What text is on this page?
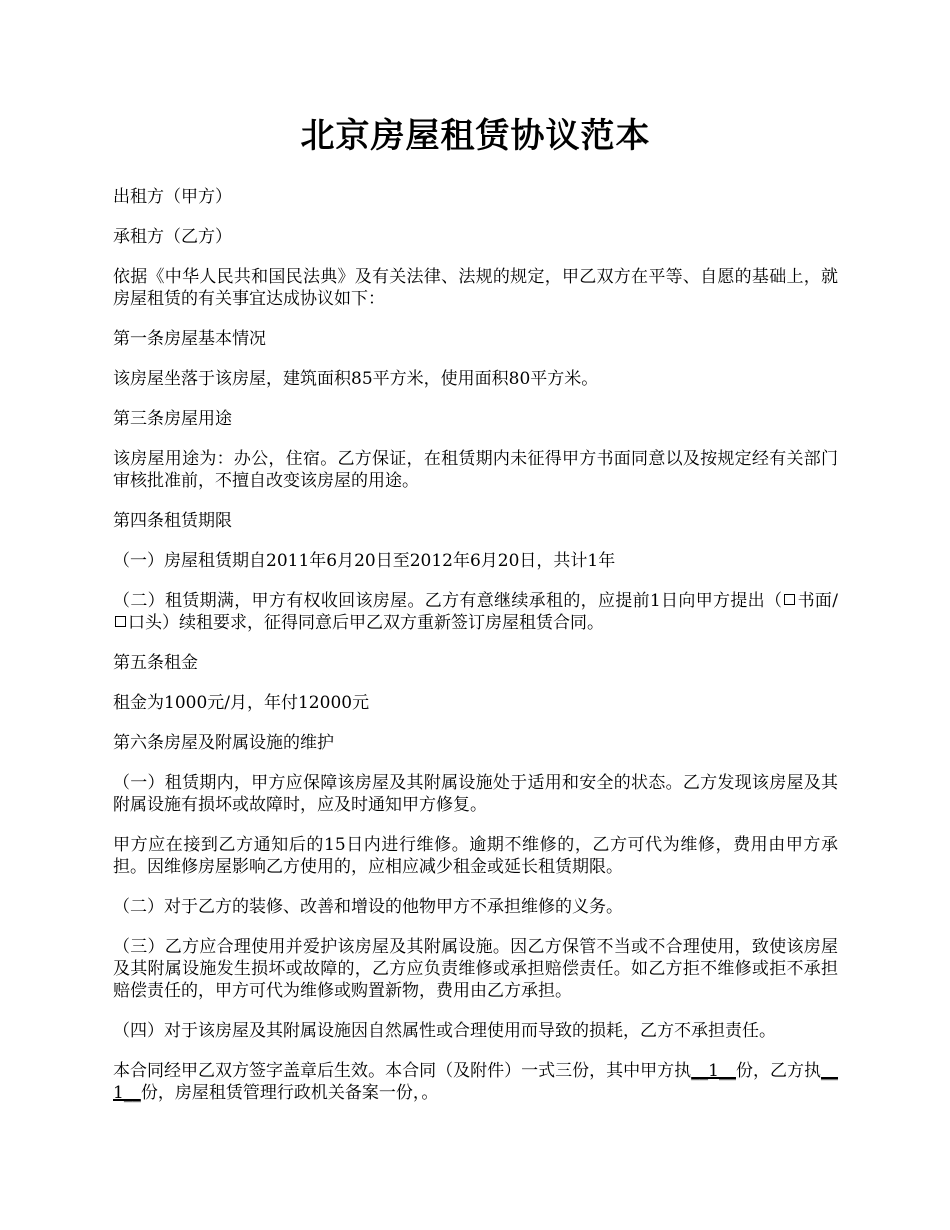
北京房屋租赁协议范本

出租方（甲方）

承租方（乙方）

依据《中华人民共和国民法典》及有关法律、法规的规定，甲乙双方在平等、自愿的基础上，就房屋租赁的有关事宜达成协议如下：

第一条房屋基本情况

该房屋坐落于该房屋，建筑面积85平方米，使用面积80平方米。

第三条房屋用途

该房屋用途为：办公，住宿。乙方保证，在租赁期内未征得甲方书面同意以及按规定经有关部门审核批准前，不擅自改变该房屋的用途。

第四条租赁期限

（一）房屋租赁期自2011年6月20日至2012年6月20日，共计1年

（二）租赁期满，甲方有权收回该房屋。乙方有意继续承租的，应提前1日向甲方提出（ 书面/口头）续租要求，征得同意后甲乙双方重新签订房屋租赁合同。

第五条租金

租金为1000元/月，年付12000元

第六条房屋及附属设施的维护

（一）租赁期内，甲方应保障该房屋及其附属设施处于适用和安全的状态。乙方发现该房屋及其附属设施有损坏或故障时，应及时通知甲方修复。

甲方应在接到乙方通知后的15日内进行维修。逾期不维修的，乙方可代为维修，费用由甲方承担。因维修房屋影响乙方使用的，应相应减少租金或延长租赁期限。

（二）对于乙方的装修、改善和增设的他物甲方不承担维修的义务。

（三）乙方应合理使用并爱护该房屋及其附属设施。因乙方保管不当或不合理使用，致使该房屋及其附属设施发生损坏或故障的，乙方应负责维修或承担赔偿责任。如乙方拒不维修或拒不承担赔偿责任的，甲方可代为维修或购置新物，费用由乙方承担。

（四）对于该房屋及其附属设施因自然属性或合理使用而导致的损耗，乙方不承担责任。

本合同经甲乙双方签字盖章后生效。本合同（及附件）一式三份，其中甲方执__1__份，乙方执__1__份，房屋租赁管理行政机关备案一份，。
